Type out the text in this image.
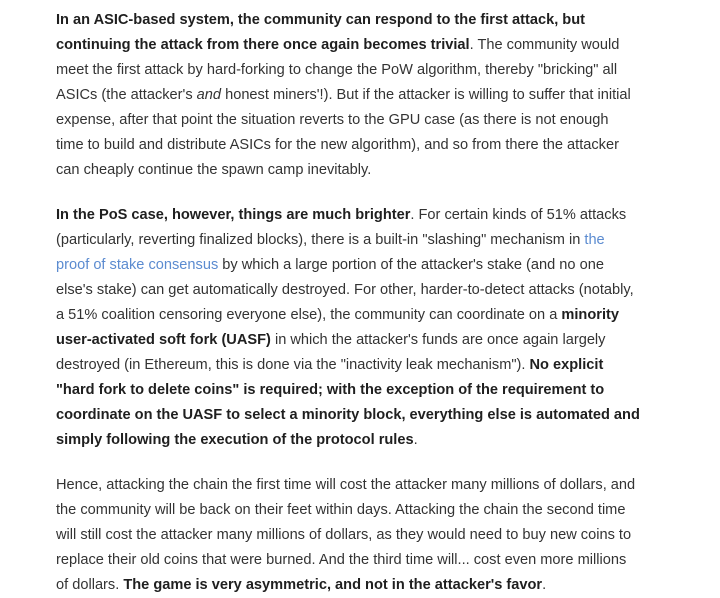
In an ASIC-based system, the community can respond to the first attack, but continuing the attack from there once again becomes trivial. The community would meet the first attack by hard-forking to change the PoW algorithm, thereby "bricking" all ASICs (the attacker's and honest miners'!). But if the attacker is willing to suffer that initial expense, after that point the situation reverts to the GPU case (as there is not enough time to build and distribute ASICs for the new algorithm), and so from there the attacker can cheaply continue the spawn camp inevitably.

In the PoS case, however, things are much brighter. For certain kinds of 51% attacks (particularly, reverting finalized blocks), there is a built-in "slashing" mechanism in the proof of stake consensus by which a large portion of the attacker's stake (and no one else's stake) can get automatically destroyed. For other, harder-to-detect attacks (notably, a 51% coalition censoring everyone else), the community can coordinate on a minority user-activated soft fork (UASF) in which the attacker's funds are once again largely destroyed (in Ethereum, this is done via the "inactivity leak mechanism"). No explicit "hard fork to delete coins" is required; with the exception of the requirement to coordinate on the UASF to select a minority block, everything else is automated and simply following the execution of the protocol rules.

Hence, attacking the chain the first time will cost the attacker many millions of dollars, and the community will be back on their feet within days. Attacking the chain the second time will still cost the attacker many millions of dollars, as they would need to buy new coins to replace their old coins that were burned. And the third time will... cost even more millions of dollars. The game is very asymmetric, and not in the attacker's favor.
